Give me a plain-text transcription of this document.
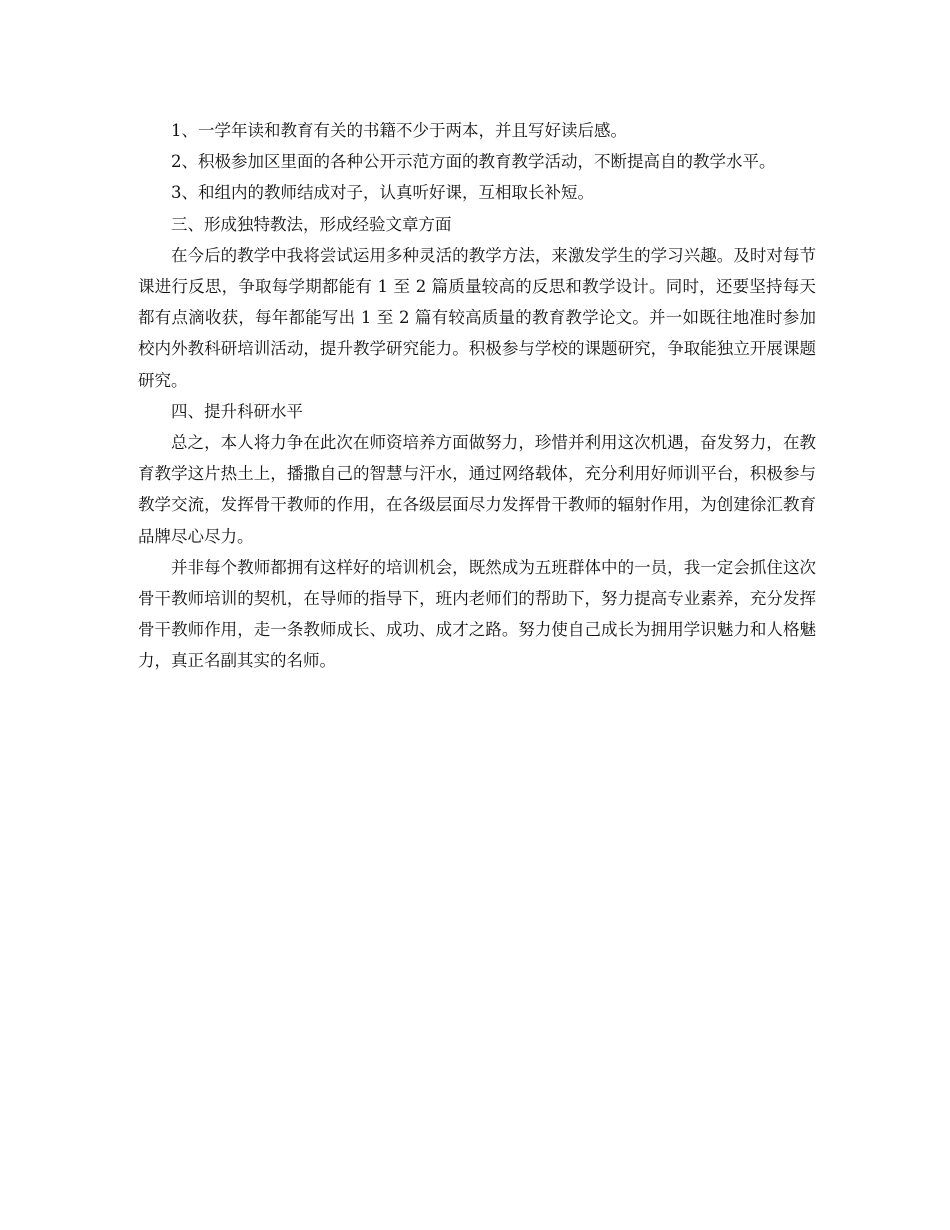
1、一学年读和教育有关的书籍不少于两本，并且写好读后感。

2、积极参加区里面的各种公开示范方面的教育教学活动，不断提高自的教学水平。

3、和组内的教师结成对子，认真听好课，互相取长补短。

三、形成独特教法，形成经验文章方面

在今后的教学中我将尝试运用多种灵活的教学方法，来激发学生的学习兴趣。及时对每节课进行反思，争取每学期都能有 1 至 2 篇质量较高的反思和教学设计。同时，还要坚持每天都有点滴收获，每年都能写出 1 至 2 篇有较高质量的教育教学论文。并一如既往地准时参加校内外教科研培训活动，提升教学研究能力。积极参与学校的课题研究，争取能独立开展课题研究。

四、提升科研水平

总之，本人将力争在此次在师资培养方面做努力，珍惜并利用这次机遇，奋发努力，在教育教学这片热土上，播撒自己的智慧与汗水，通过网络载体，充分利用好师训平台，积极参与教学交流，发挥骨干教师的作用，在各级层面尽力发挥骨干教师的辐射作用，为创建徐汇教育品牌尽心尽力。

并非每个教师都拥有这样好的培训机会，既然成为五班群体中的一员，我一定会抓住这次骨干教师培训的契机，在导师的指导下，班内老师们的帮助下，努力提高专业素养，充分发挥骨干教师作用，走一条教师成长、成功、成才之路。努力使自己成长为拥用学识魅力和人格魅力，真正名副其实的名师。
